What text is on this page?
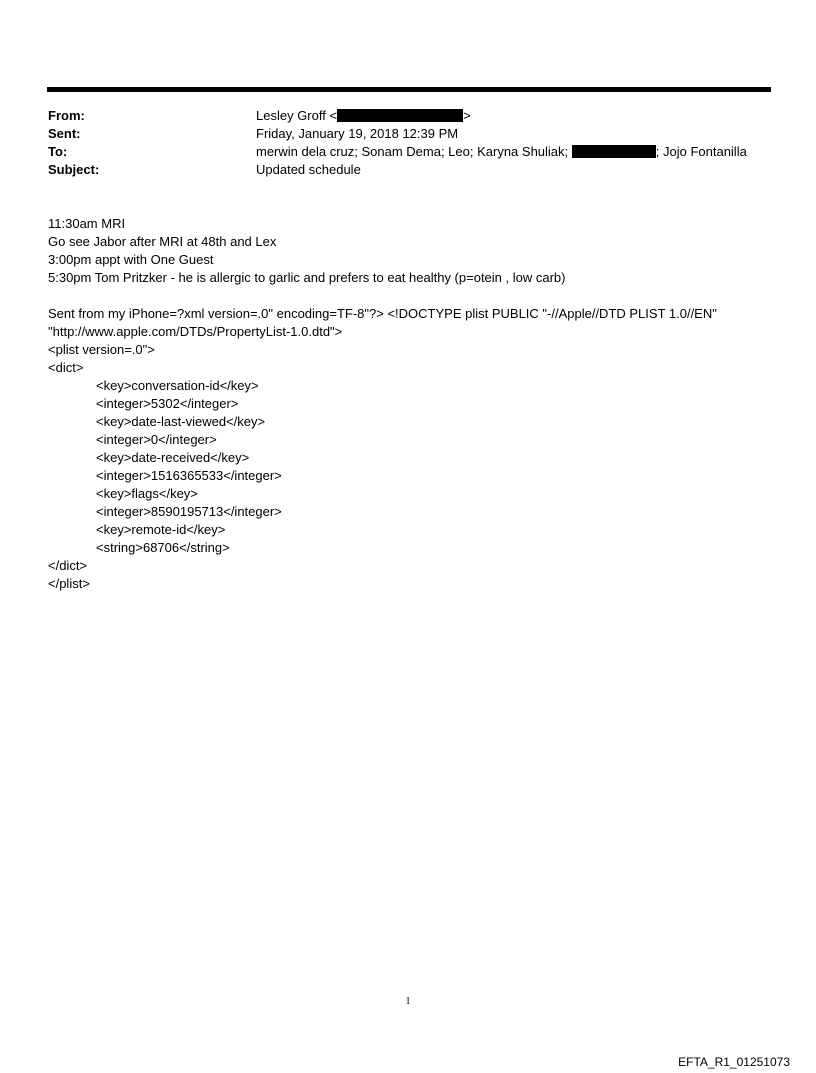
From:	Lesley Groff <	>
Sent:	Friday, January 19, 2018 12:39 PM
To:	merwin dela cruz; Sonam Dema; Leo; Karyna Shuliak;	; Jojo Fontanilla
Subject:	Updated schedule
11:30am MRI
Go see Jabor after MRI at 48th and Lex
3:00pm appt with One Guest
5:30pm Tom Pritzker - he is allergic to garlic and prefers to eat healthy (p=otein , low carb)
Sent from my iPhone=?xml version=.0" encoding=TF-8"?> <!DOCTYPE plist PUBLIC "-//Apple//DTD PLIST 1.0//EN"
"http://www.apple.com/DTDs/PropertyList-1.0.dtd">
<plist version=.0">
<dict>
<key>conversation-id</key>
<integer>5302</integer>
<key>date-last-viewed</key>
<integer>0</integer>
<key>date-received</key>
<integer>1516365533</integer>
<key>flags</key>
<integer>8590195713</integer>
<key>remote-id</key>
<string>68706</string>
</dict>
</plist>
1
EFTA_R1_01251073
